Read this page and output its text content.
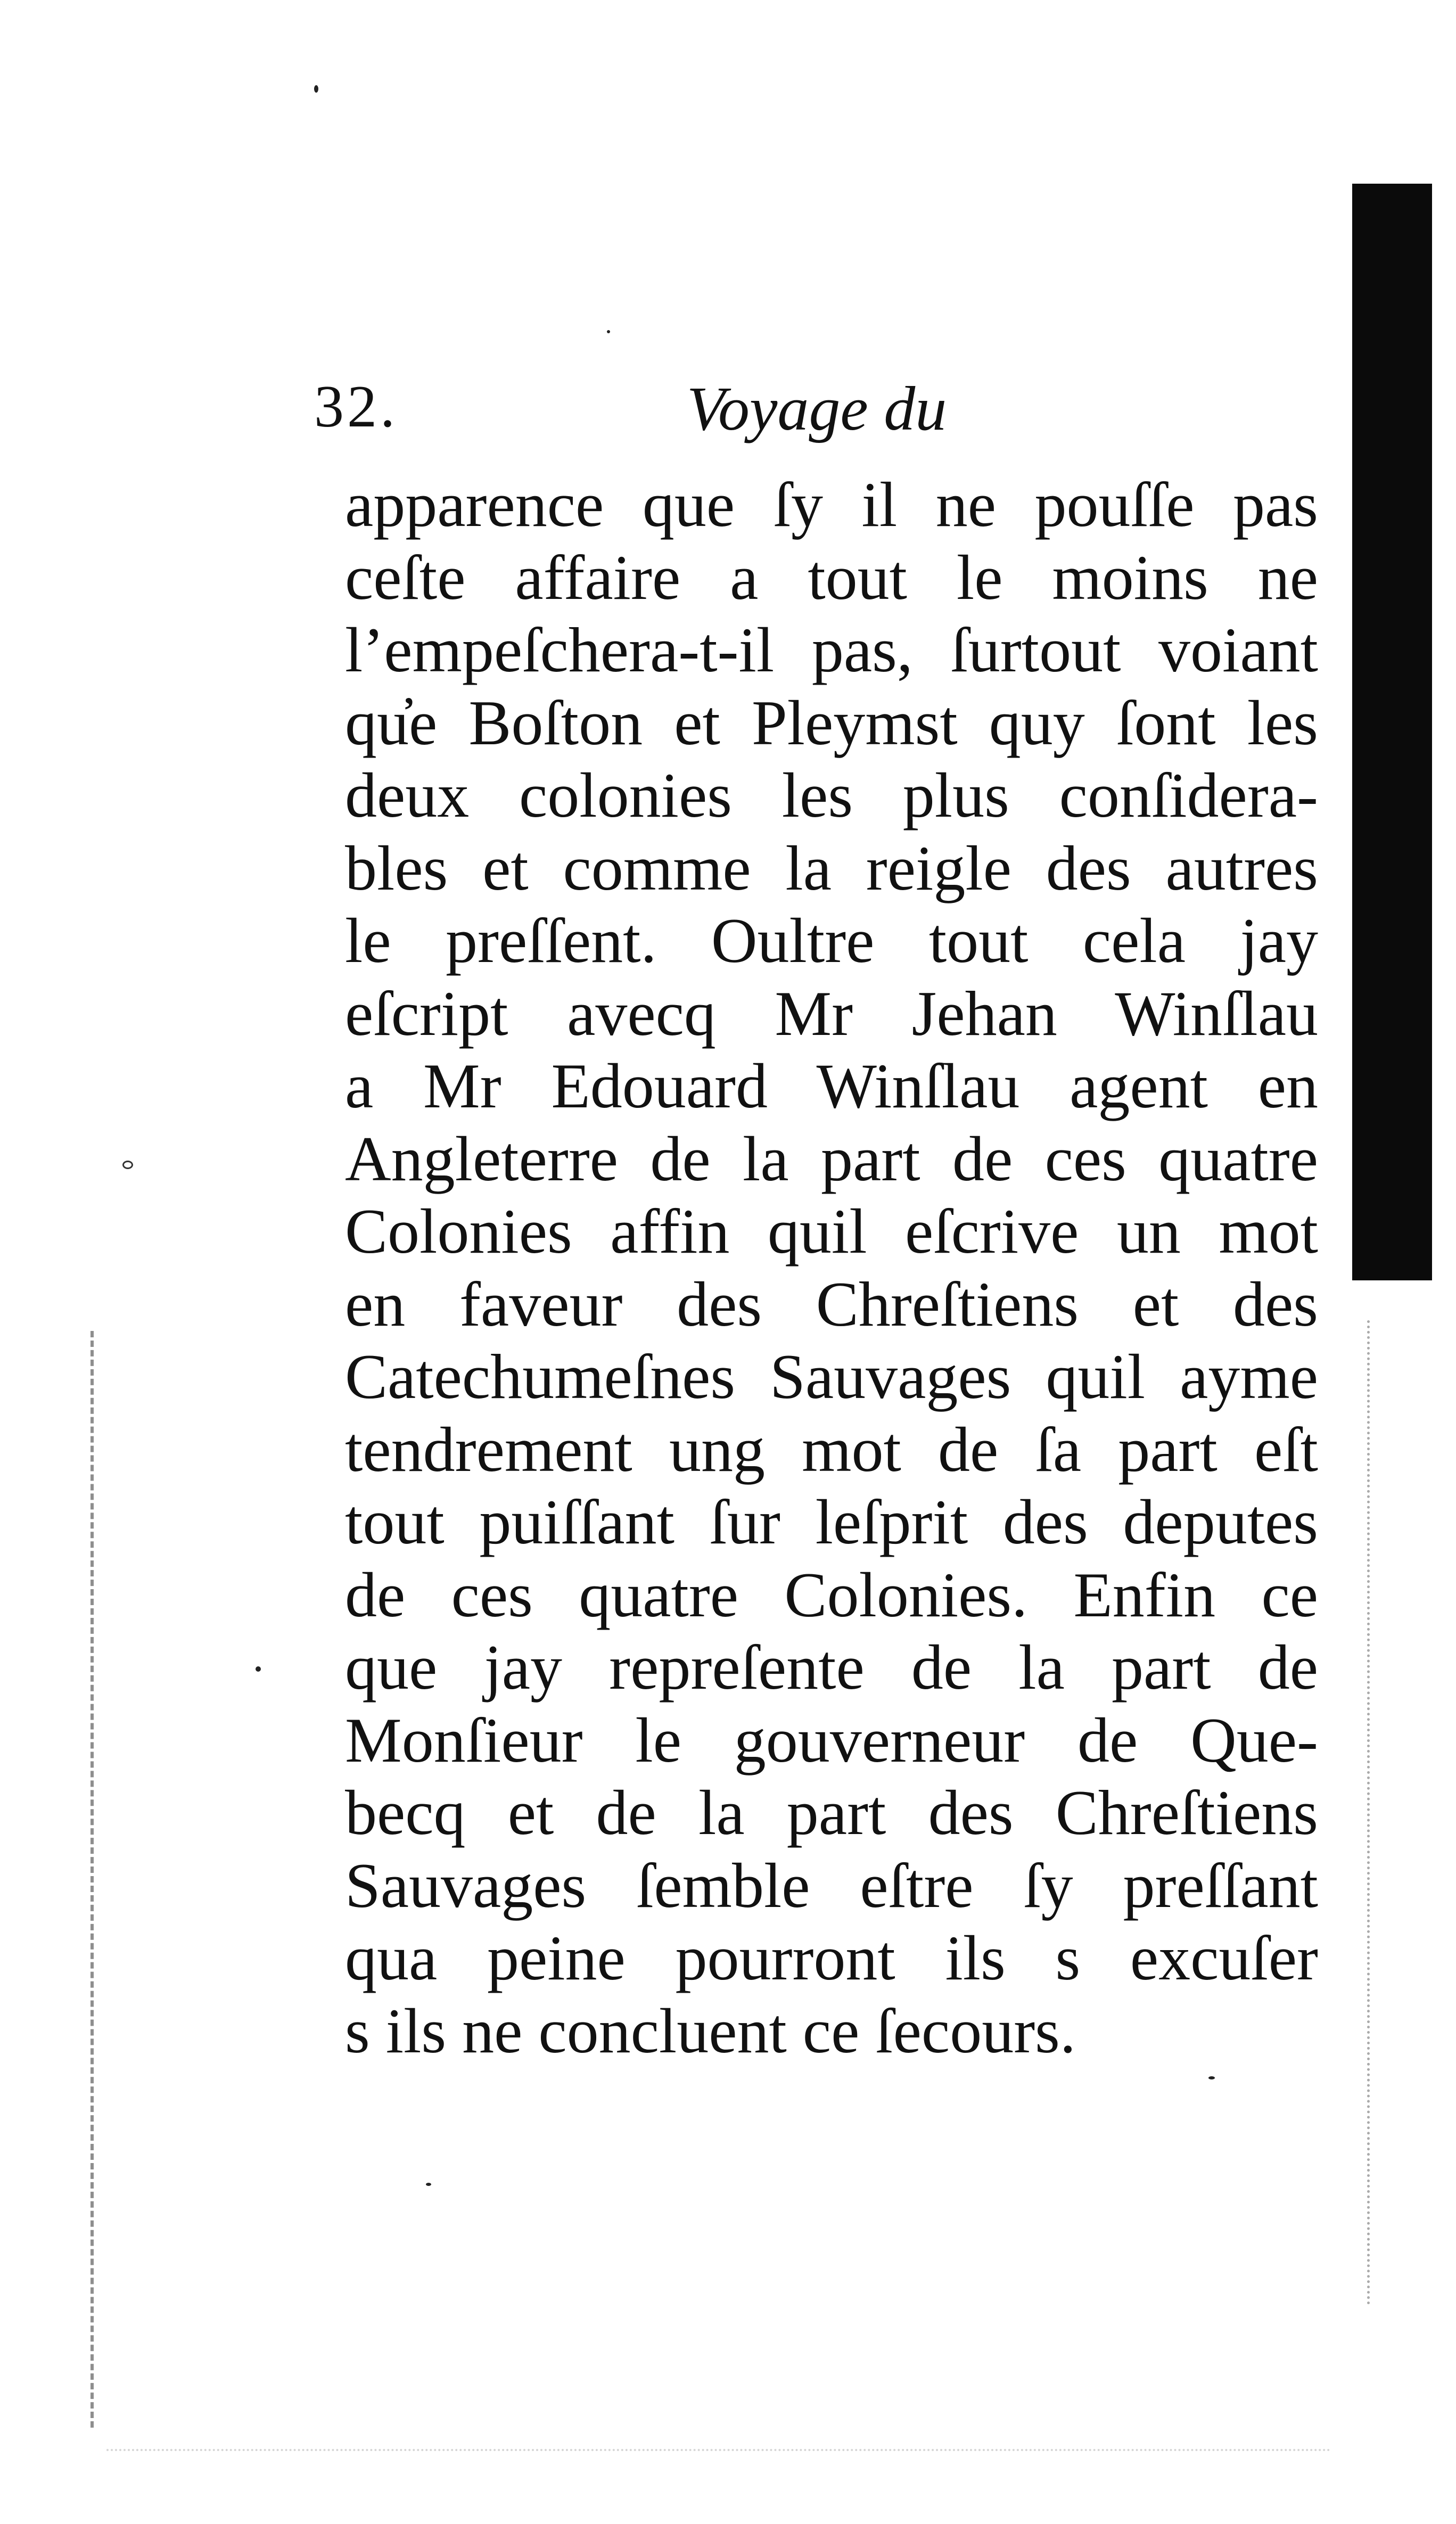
32.	Voyage du
apparence que ſy il ne pouſſe pas
ceſte affaire a tout le moins ne
l’empeſchera-t-il pas, ſurtout voiant
qu̓e Boſton et Pleymst quy ſont les
deux colonies les plus conſidera-
bles et comme la reigle des autres
le preſſent. Oultre tout cela jay
eſcript avecq Mr Jehan Winſlau
a Mr Edouard Winſlau agent en
Angleterre de la part de ces quatre
Colonies affin quil eſcrive un mot
en faveur des Chreſtiens et des
Catechumeſnes Sauvages quil ayme
tendrement ung mot de ſa part eſt
tout puiſſant ſur leſprit des deputes
de ces quatre Colonies. Enfin ce
que jay repreſente de la part de
Monſieur le gouverneur de Que-
becq et de la part des Chreſtiens
Sauvages ſemble eſtre ſy preſſant
qua peine pourront ils s excuſer
s ils ne concluent ce ſecours.
